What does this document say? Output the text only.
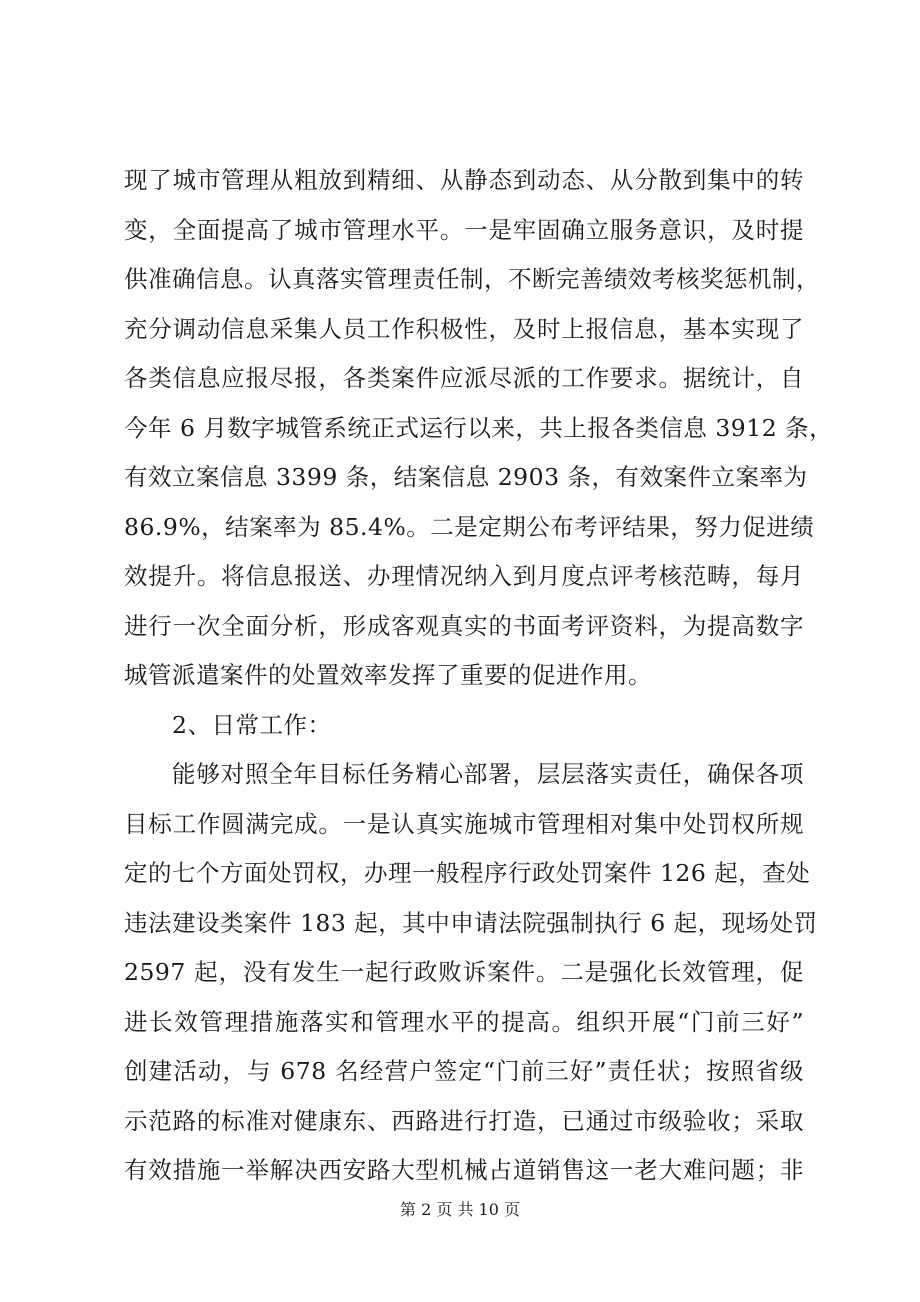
现了城市管理从粗放到精细、从静态到动态、从分散到集中的转
变，全面提高了城市管理水平。一是牢固确立服务意识，及时提
供准确信息。认真落实管理责任制，不断完善绩效考核奖惩机制，
充分调动信息采集人员工作积极性，及时上报信息，基本实现了
各类信息应报尽报，各类案件应派尽派的工作要求。据统计，自
今年 6 月数字城管系统正式运行以来，共上报各类信息 3912 条，
有效立案信息 3399 条，结案信息 2903 条，有效案件立案率为
86.9%，结案率为 85.4%。二是定期公布考评结果，努力促进绩
效提升。将信息报送、办理情况纳入到月度点评考核范畴，每月
进行一次全面分析，形成客观真实的书面考评资料，为提高数字
城管派遣案件的处置效率发挥了重要的促进作用。
2、日常工作：
能够对照全年目标任务精心部署，层层落实责任，确保各项
目标工作圆满完成。一是认真实施城市管理相对集中处罚权所规
定的七个方面处罚权，办理一般程序行政处罚案件 126 起，查处
违法建设类案件 183 起，其中申请法院强制执行 6 起，现场处罚
2597 起，没有发生一起行政败诉案件。二是强化长效管理，促
进长效管理措施落实和管理水平的提高。组织开展“门前三好”
创建活动，与 678 名经营户签定“门前三好”责任状；按照省级
示范路的标准对健康东、西路进行打造，已通过市级验收；采取
有效措施一举解决西安路大型机械占道销售这一老大难问题；非
第 2 页 共 10 页
